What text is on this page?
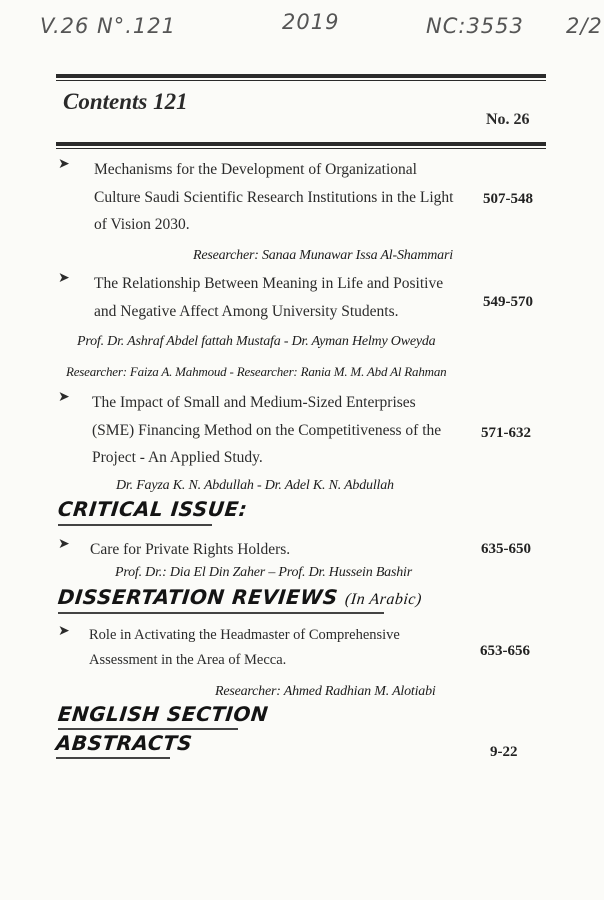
V.26 N°.121	2019	NC:3553 2/2
Contents 121
No. 26
➤ Mechanisms for the Development of Organizational
Culture Saudi Scientific Research Institutions in the Light
of Vision 2030.
507-548
Researcher: Sanaa Munawar Issa Al-Shammari
➤ The Relationship Between Meaning in Life and Positive
and Negative Affect Among University Students.
549-570
Prof. Dr. Ashraf Abdel fattah Mustafa - Dr. Ayman Helmy Oweyda
Researcher: Faiza A. Mahmoud - Researcher: Rania M. M. Abd Al Rahman
➤ The Impact of Small and Medium-Sized Enterprises
(SME) Financing Method on the Competitiveness of the
Project - An Applied Study.
571-632
Dr. Fayza K. N. Abdullah - Dr. Adel K. N. Abdullah
CRITICAL ISSUE:
➤ Care for Private Rights Holders.	635-650
Prof. Dr.: Dia El Din Zaher – Prof. Dr. Hussein Bashir
DISSERTATION REVIEWS (In Arabic)
➤ Role in Activating the Headmaster of Comprehensive
Assessment in the Area of Mecca.
653-656
Researcher: Ahmed Radhian M. Alotiabi
ENGLISH SECTION
ABSTRACTS	9-22
